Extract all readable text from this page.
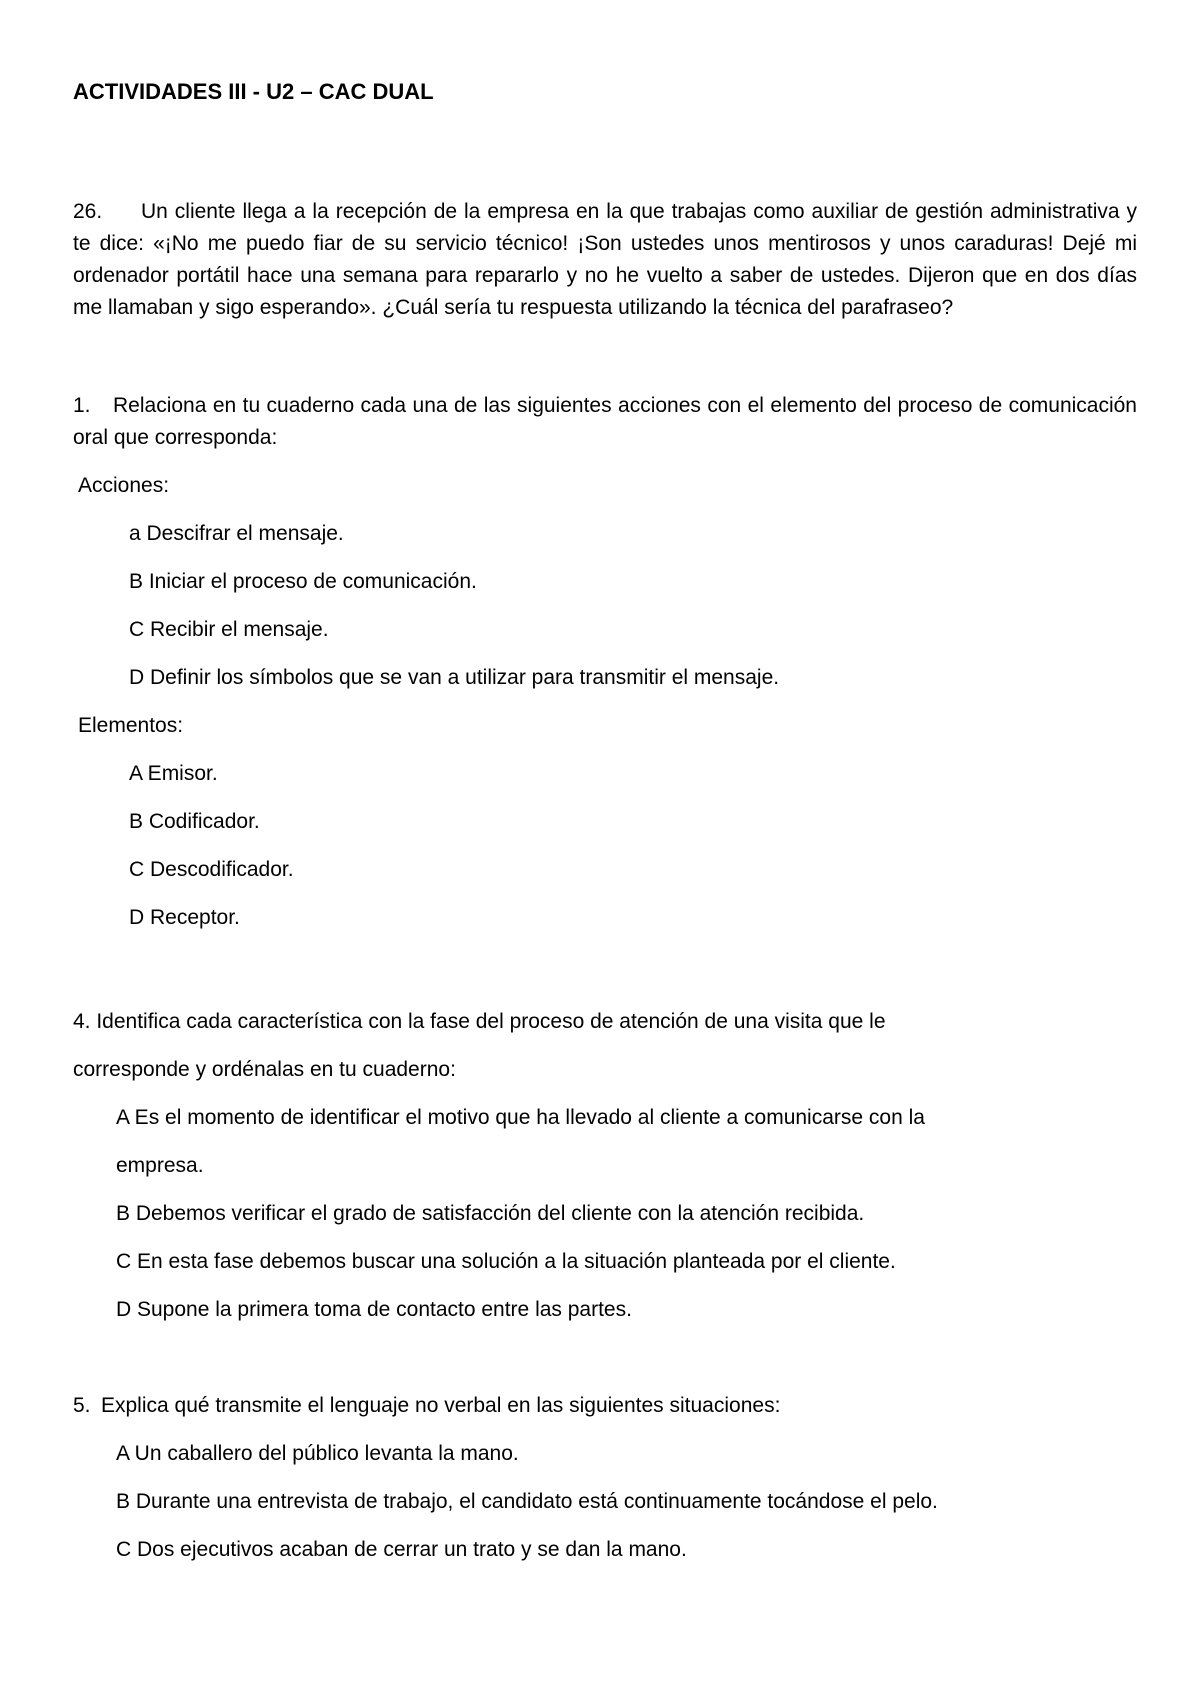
ACTIVIDADES III - U2 – CAC DUAL
26. Un cliente llega a la recepción de la empresa en la que trabajas como auxiliar de gestión administrativa y te dice: «¡No me puedo fiar de su servicio técnico! ¡Son ustedes unos mentirosos y unos caraduras! Dejé mi ordenador portátil hace una semana para repararlo y no he vuelto a saber de ustedes. Dijeron que en dos días me llamaban y sigo esperando». ¿Cuál sería tu respuesta utilizando la técnica del parafraseo?
1. Relaciona en tu cuaderno cada una de las siguientes acciones con el elemento del proceso de comunicación oral que corresponda:
Acciones:
a Descifrar el mensaje.
B Iniciar el proceso de comunicación.
C Recibir el mensaje.
D Definir los símbolos que se van a utilizar para transmitir el mensaje.
Elementos:
A Emisor.
B Codificador.
C Descodificador.
D Receptor.
4. Identifica cada característica con la fase del proceso de atención de una visita que le
corresponde y ordénalas en tu cuaderno:
A Es el momento de identificar el motivo que ha llevado al cliente a comunicarse con la
empresa.
B Debemos verificar el grado de satisfacción del cliente con la atención recibida.
C En esta fase debemos buscar una solución a la situación planteada por el cliente.
D Supone la primera toma de contacto entre las partes.
5. Explica qué transmite el lenguaje no verbal en las siguientes situaciones:
A Un caballero del público levanta la mano.
B Durante una entrevista de trabajo, el candidato está continuamente tocándose el pelo.
C Dos ejecutivos acaban de cerrar un trato y se dan la mano.
